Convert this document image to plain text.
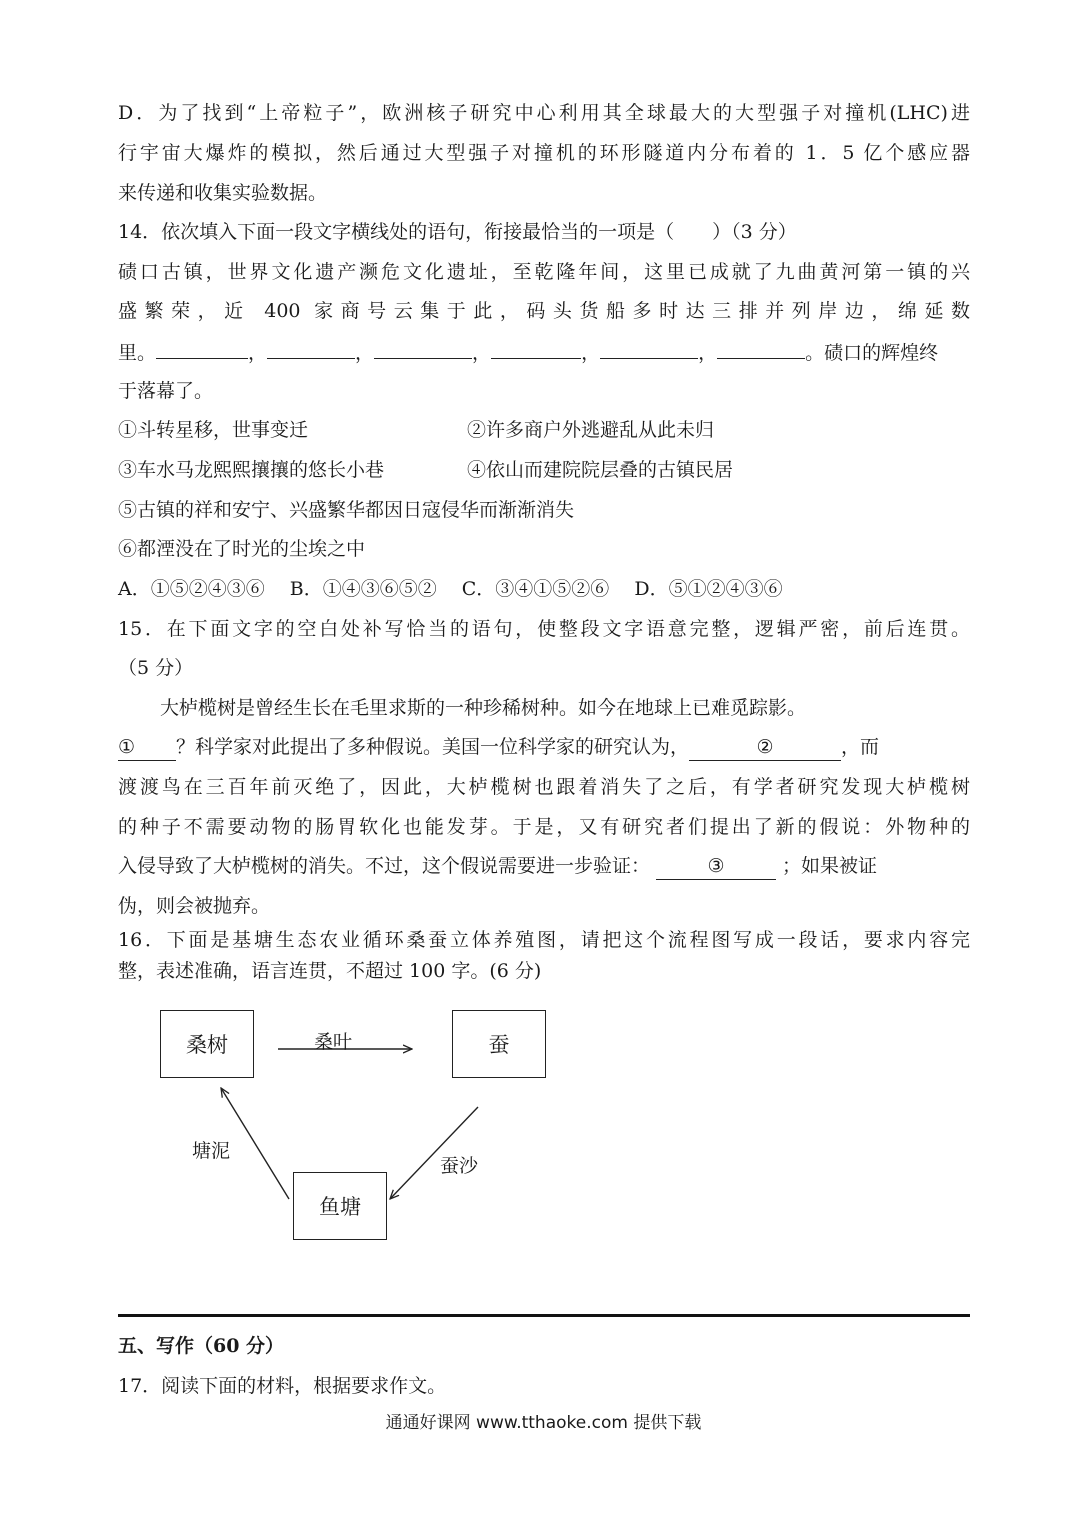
D．为了找到“上帝粒子”，欧洲核子研究中心利用其全球最大的大型强子对撞机(LHC)进
行宇宙大爆炸的模拟，然后通过大型强子对撞机的环形隧道内分布着的 1．5 亿个感应器
来传递和收集实验数据。
14．依次填入下面一段文字横线处的语句，衔接最恰当的一项是（　　）（3 分）
碛口古镇，世界文化遗产濒危文化遗址，至乾隆年间，这里已成就了九曲黄河第一镇的兴
盛繁荣，近 400 家商号云集于此，码头货船多时达三排并列岸边，绵延数
里。	，	，	，	，	，	。碛口的辉煌终
于落幕了。
①斗转星移，世事变迁	②许多商户外逃避乱从此未归
③车水马龙熙熙攘攘的悠长小巷	④依山而建院院层叠的古镇民居
⑤古镇的祥和安宁、兴盛繁华都因日寇侵华而渐渐消失
⑥都湮没在了时光的尘埃之中
A．①⑤②④③⑥　 B．①④③⑥⑤②　 C．③④①⑤②⑥　 D．⑤①②④③⑥
15．在下面文字的空白处补写恰当的语句，使整段文字语意完整，逻辑严密，前后连贯。
（5 分）
大栌榄树是曾经生长在毛里求斯的一种珍稀树种。如今在地球上已难觅踪影。
① ？科学家对此提出了多种假说。美国一位科学家的研究认为，	②	，而
渡渡鸟在三百年前灭绝了，因此，大栌榄树也跟着消失了之后，有学者研究发现大栌榄树
的种子不需要动物的肠胃软化也能发芽。于是，又有研究者们提出了新的假说：外物种的
入侵导致了大栌榄树的消失。不过，这个假说需要进一步验证：	③	；如果被证
伪，则会被抛弃。
16．下面是基塘生态农业循环桑蚕立体养殖图，请把这个流程图写成一段话，要求内容完
整，表述准确，语言连贯，不超过 100 字。(6 分)
桑树	蚕
鱼塘
桑叶
蚕沙
塘泥
五、写作（60 分）
17．阅读下面的材料，根据要求作文。
通通好课网 www.tthaoke.com 提供下载
